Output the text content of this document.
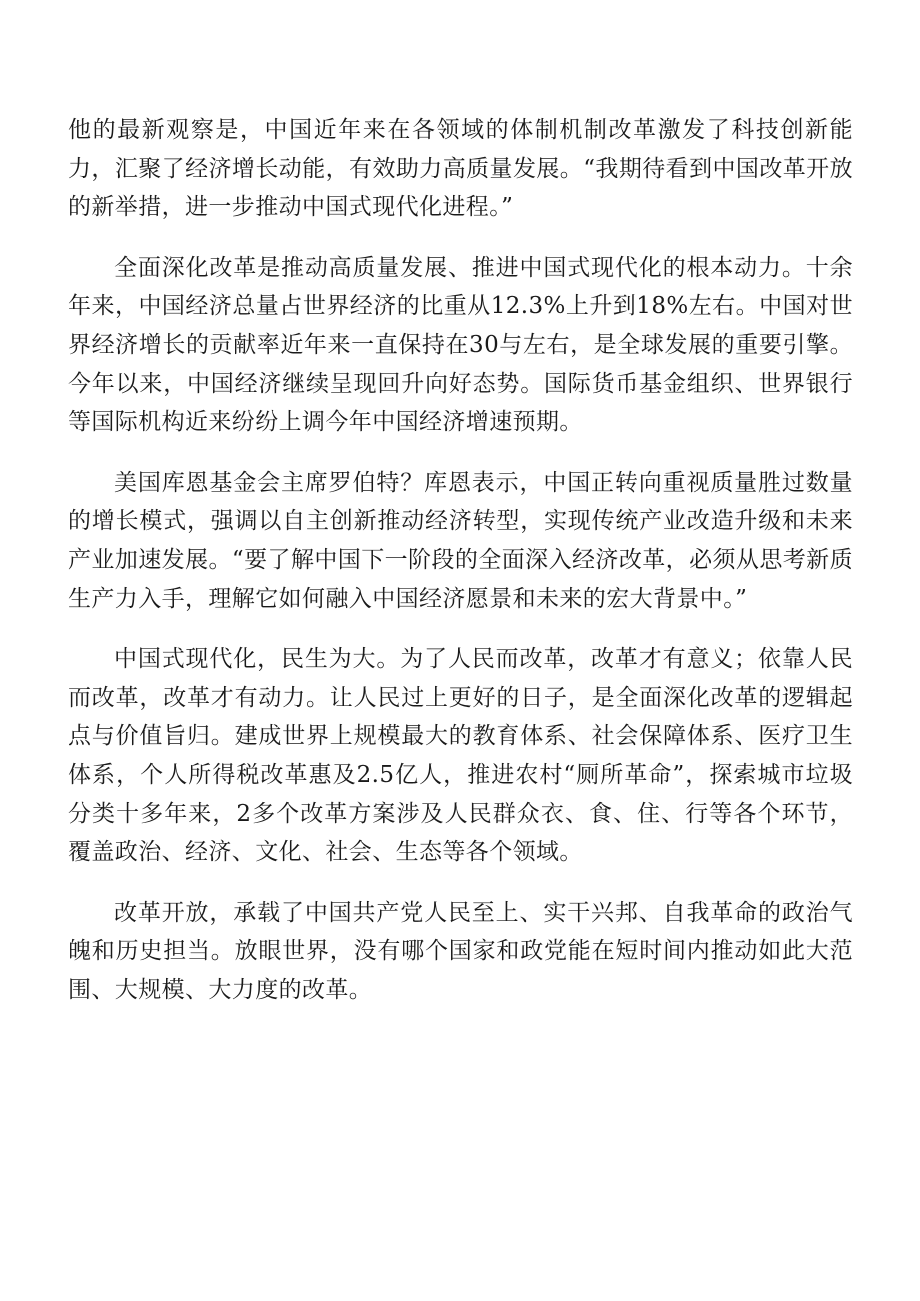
他的最新观察是，中国近年来在各领域的体制机制改革激发了科技创新能力，汇聚了经济增长动能，有效助力高质量发展。“我期待看到中国改革开放的新举措，进一步推动中国式现代化进程。”

全面深化改革是推动高质量发展、推进中国式现代化的根本动力。十余年来，中国经济总量占世界经济的比重从12.3%上升到18%左右。中国对世界经济增长的贡献率近年来一直保持在30与左右，是全球发展的重要引擎。今年以来，中国经济继续呈现回升向好态势。国际货币基金组织、世界银行等国际机构近来纷纷上调今年中国经济增速预期。

美国库恩基金会主席罗伯特？库恩表示，中国正转向重视质量胜过数量的增长模式，强调以自主创新推动经济转型，实现传统产业改造升级和未来产业加速发展。“要了解中国下一阶段的全面深入经济改革，必须从思考新质生产力入手，理解它如何融入中国经济愿景和未来的宏大背景中。”

中国式现代化，民生为大。为了人民而改革，改革才有意义；依靠人民而改革，改革才有动力。让人民过上更好的日子，是全面深化改革的逻辑起点与价值旨归。建成世界上规模最大的教育体系、社会保障体系、医疗卫生体系，个人所得税改革惠及2.5亿人，推进农村“厕所革命”，探索城市垃圾分类十多年来，2多个改革方案涉及人民群众衣、食、住、行等各个环节，覆盖政治、经济、文化、社会、生态等各个领域。

改革开放，承载了中国共产党人民至上、实干兴邦、自我革命的政治气魄和历史担当。放眼世界，没有哪个国家和政党能在短时间内推动如此大范围、大规模、大力度的改革。
